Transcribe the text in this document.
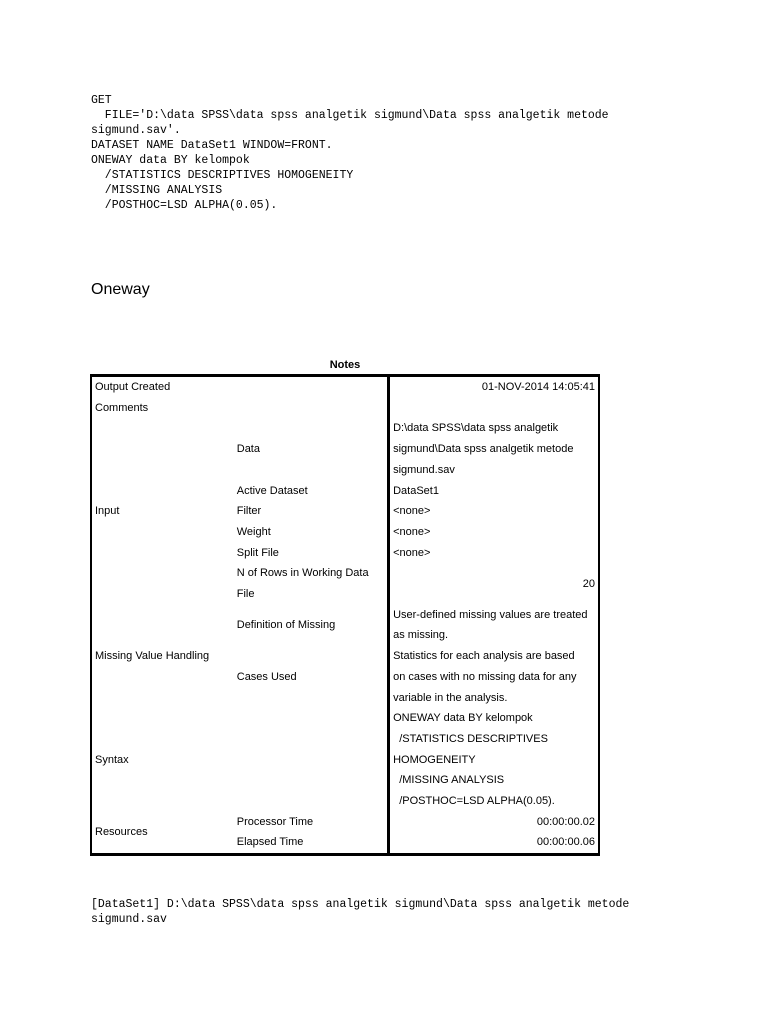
GET
FILE='D:\data SPSS\data spss analgetik sigmund\Data spss analgetik metode
sigmund.sav'.
DATASET NAME DataSet1 WINDOW=FRONT.
ONEWAY data BY kelompok
/STATISTICS DESCRIPTIVES HOMOGENEITY
/MISSING ANALYSIS
/POSTHOC=LSD ALPHA(0.05).
Oneway
Notes
Output Created		01-NOV-2014 14:05:41
Comments		
	Data	D:\data SPSS\data spss analgetik
		sigmund\Data spss analgetik metode
		sigmund.sav
	Active Dataset	DataSet1
Input	Filter	<none>
	Weight	<none>
	Split File	<none>
	N of Rows in Working Data	20
	File	
	Definition of Missing	User-defined missing values are treated
		as missing.
Missing Value Handling	Cases Used	Statistics for each analysis are based
		on cases with no missing data for any
		variable in the analysis.
		ONEWAY data BY kelompok
		/STATISTICS DESCRIPTIVES
Syntax		HOMOGENEITY
		/MISSING ANALYSIS
		/POSTHOC=LSD ALPHA(0.05).
Resources	Processor Time	00:00:00.02
	Elapsed Time	00:00:00.06
[DataSet1] D:\data SPSS\data spss analgetik sigmund\Data spss analgetik metode
sigmund.sav
